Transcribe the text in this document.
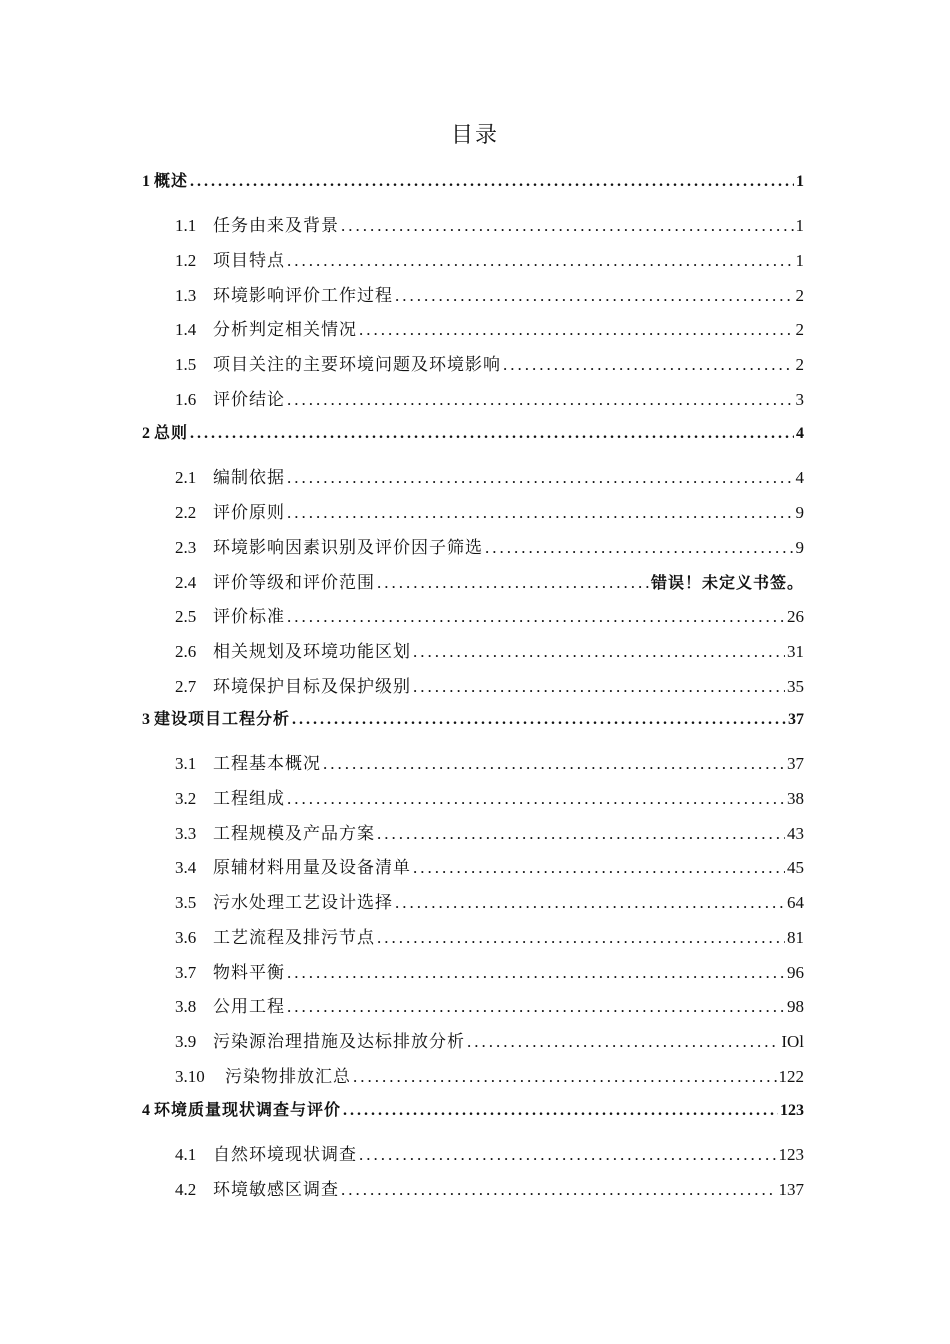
目录
1 概述 .....	1
1.1 任务由来及背景 .....	1
1.2 项目特点 .....	1
1.3 环境影响评价工作过程 .....	2
1.4 分析判定相关情况 .....	2
1.5 项目关注的主要环境问题及环境影响 .....	2
1.6 评价结论 .....	3
2 总则 .....	4
2.1 编制依据 .....	4
2.2 评价原则 .....	9
2.3 环境影响因素识别及评价因子筛选 .....	9
2.4 评价等级和评价范围 .....	错误！未定义书签。
2.5 评价标准 .....	26
2.6 相关规划及环境功能区划 .....	31
2.7 环境保护目标及保护级别 .....	35
3 建设项目工程分析 .....	37
3.1 工程基本概况 .....	37
3.2 工程组成 .....	38
3.3 工程规模及产品方案 .....	43
3.4 原辅材料用量及设备清单 .....	45
3.5 污水处理工艺设计选择 .....	64
3.6 工艺流程及排污节点 .....	81
3.7 物料平衡 .....	96
3.8 公用工程 .....	98
3.9 污染源治理措施及达标排放分析 .....	IOl
3.10	污染物排放汇总 .....	122
4 环境质量现状调查与评价 .....	123
4.1 自然环境现状调查 .....	123
4.2 环境敏感区调查 .....	137
